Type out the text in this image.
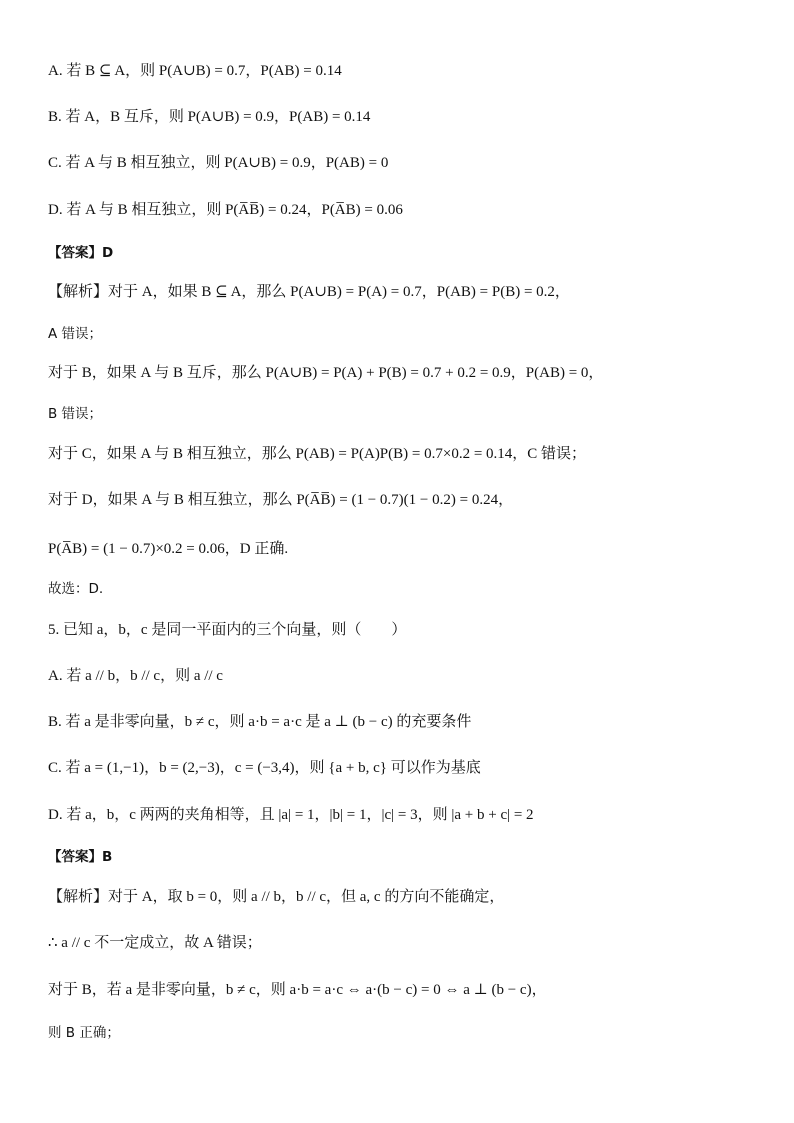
A. 若 B ⊆ A，则 P(A∪B) = 0.7，P(AB) = 0.14
B. 若 A，B 互斥，则 P(A∪B) = 0.9，P(AB) = 0.14
C. 若 A 与 B 相互独立，则 P(A∪B) = 0.9，P(AB) = 0
D. 若 A 与 B 相互独立，则 P(A̅B̅) = 0.24，P(A̅B) = 0.06
【答案】D
【解析】对于 A，如果 B ⊆ A，那么 P(A∪B) = P(A) = 0.7，P(AB) = P(B) = 0.2，
A 错误；
对于 B，如果 A 与 B 互斥，那么 P(A∪B) = P(A) + P(B) = 0.7 + 0.2 = 0.9，P(AB) = 0，
B 错误；
对于 C，如果 A 与 B 相互独立，那么 P(AB) = P(A)P(B) = 0.7×0.2 = 0.14，C 错误；
对于 D，如果 A 与 B 相互独立，那么 P(A̅B̅) = (1 − 0.7)(1 − 0.2) = 0.24，
P(A̅B) = (1 − 0.7)×0.2 = 0.06，D 正确.
故选：D.
5. 已知 a，b，c 是同一平面内的三个向量，则（　　）
A. 若 a // b，b // c，则 a // c
B. 若 a 是非零向量，b ≠ c，则 a·b = a·c 是 a ⊥ (b − c) 的充要条件
C. 若 a = (1,−1)，b = (2,−3)，c = (−3,4)，则 {a + b, c} 可以作为基底
D. 若 a，b，c 两两的夹角相等，且 |a| = 1，|b| = 1，|c| = 3，则 |a + b + c| = 2
【答案】B
【解析】对于 A，取 b = 0，则 a // b，b // c，但 a, c 的方向不能确定，
∴ a // c 不一定成立，故 A 错误；
对于 B，若 a 是非零向量，b ≠ c，则 a·b = a·c ⇔ a·(b − c) = 0 ⇔ a ⊥ (b − c)，
则 B 正确；
